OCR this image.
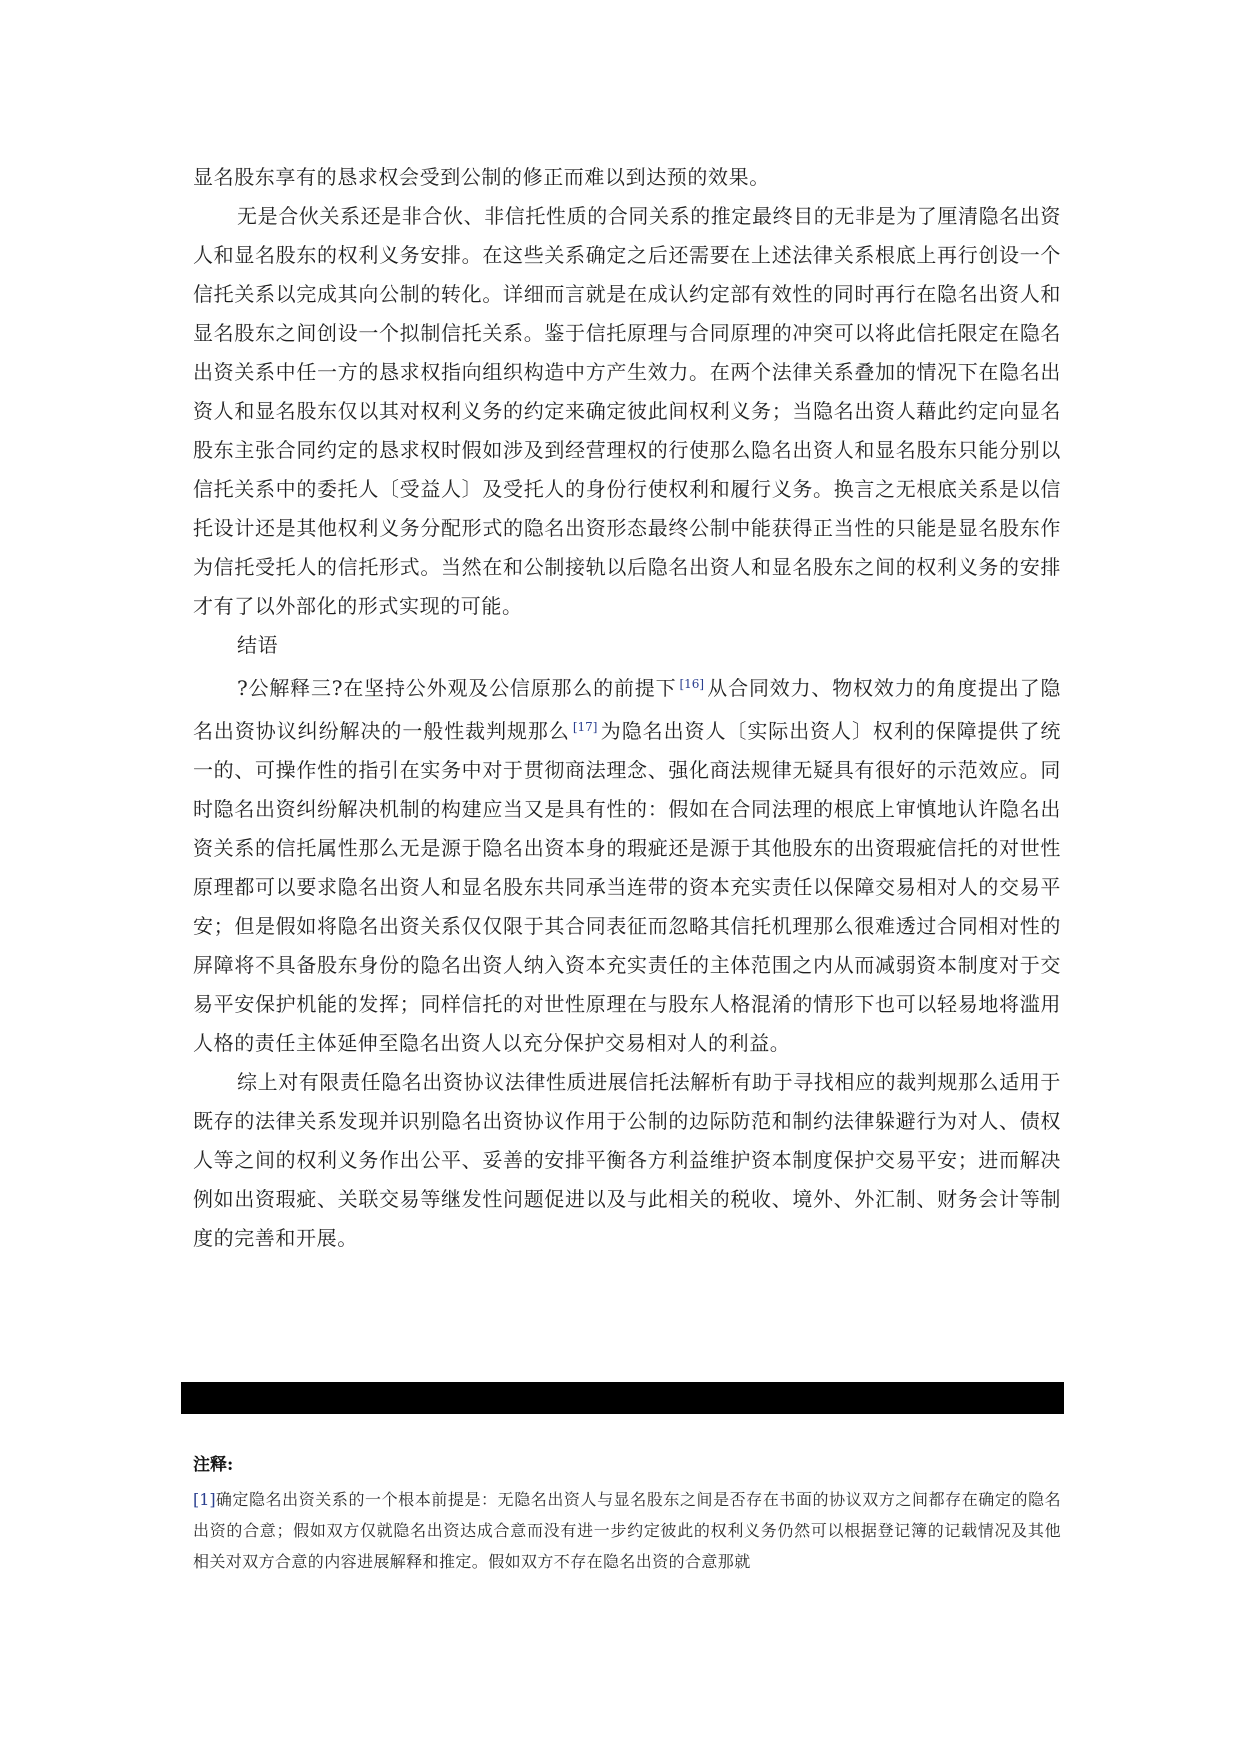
显名股东享有的恳求权会受到公制的修正而难以到达预的效果。

无是合伙关系还是非合伙、非信托性质的合同关系的推定最终目的无非是为了厘清隐名出资人和显名股东的权利义务安排。在这些关系确定之后还需要在上述法律关系根底上再行创设一个信托关系以完成其向公制的转化。详细而言就是在成认约定部有效性的同时再行在隐名出资人和显名股东之间创设一个拟制信托关系。鉴于信托原理与合同原理的冲突可以将此信托限定在隐名出资关系中任一方的恳求权指向组织构造中方产生效力。在两个法律关系叠加的情况下在隐名出资人和显名股东仅以其对权利义务的约定来确定彼此间权利义务；当隐名出资人藉此约定向显名股东主张合同约定的恳求权时假如涉及到经营理权的行使那么隐名出资人和显名股东只能分别以信托关系中的委托人〔受益人〕及受托人的身份行使权利和履行义务。换言之无根底关系是以信托设计还是其他权利义务分配形式的隐名出资形态最终公制中能获得正当性的只能是显名股东作为信托受托人的信托形式。当然在和公制接轨以后隐名出资人和显名股东之间的权利义务的安排才有了以外部化的形式实现的可能。

结语

?公解释三?在坚持公外观及公信原那么的前提下 [16] 从合同效力、物权效力的角度提出了隐名出资协议纠纷解决的一般性裁判规那么 [17] 为隐名出资人〔实际出资人〕权利的保障提供了统一的、可操作性的指引在实务中对于贯彻商法理念、强化商法规律无疑具有很好的示范效应。同时隐名出资纠纷解决机制的构建应当又是具有性的：假如在合同法理的根底上审慎地认许隐名出资关系的信托属性那么无是源于隐名出资本身的瑕疵还是源于其他股东的出资瑕疵信托的对世性原理都可以要求隐名出资人和显名股东共同承当连带的资本充实责任以保障交易相对人的交易平安；但是假如将隐名出资关系仅仅限于其合同表征而忽略其信托机理那么很难透过合同相对性的屏障将不具备股东身份的隐名出资人纳入资本充实责任的主体范围之内从而减弱资本制度对于交易平安保护机能的发挥；同样信托的对世性原理在与股东人格混淆的情形下也可以轻易地将滥用人格的责任主体延伸至隐名出资人以充分保护交易相对人的利益。

综上对有限责任隐名出资协议法律性质进展信托法解析有助于寻找相应的裁判规那么适用于既存的法律关系发现并识别隐名出资协议作用于公制的边际防范和制约法律躲避行为对人、债权人等之间的权利义务作出公平、妥善的安排平衡各方利益维护资本制度保护交易平安；进而解决例如出资瑕疵、关联交易等继发性问题促进以及与此相关的税收、境外、外汇制、财务会计等制度的完善和开展。

注释:

[1]确定隐名出资关系的一个根本前提是：无隐名出资人与显名股东之间是否存在书面的协议双方之间都存在确定的隐名出资的合意；假如双方仅就隐名出资达成合意而没有进一步约定彼此的权利义务仍然可以根据登记簿的记载情况及其他相关对双方合意的内容进展解释和推定。假如双方不存在隐名出资的合意那就
